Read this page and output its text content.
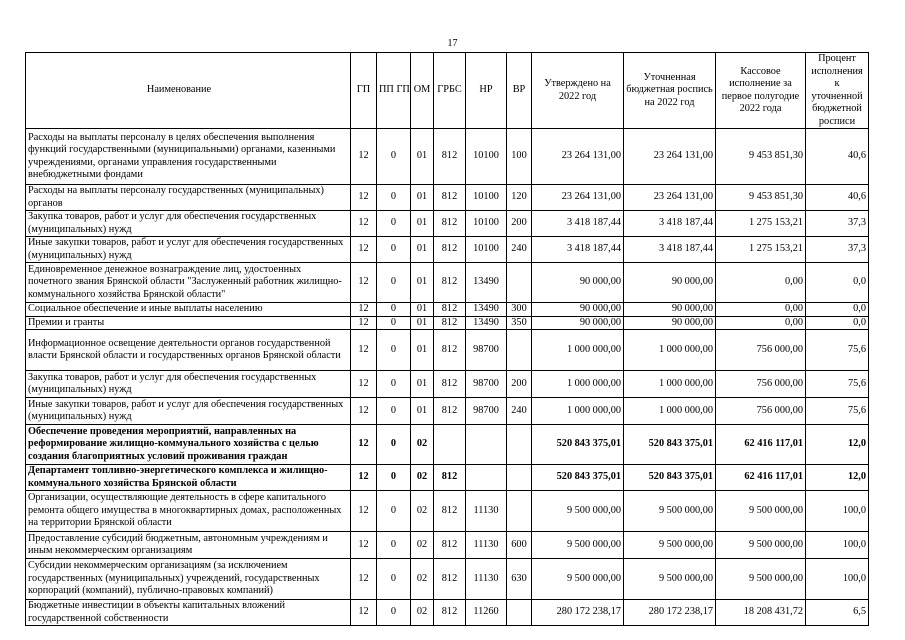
17
Наименование	ГП	ПП ГП	ОМ	ГРБС	НР	ВР	Утверждено на 2022 год	Уточненная бюджетная роспись на 2022 год	Кассовое исполнение за первое полугодие 2022 года	Процент исполнения к уточненной бюджетной росписи
Расходы на выплаты персоналу в целях обеспечения выполнения функций государственными (муниципальными) органами, казенными учреждениями, органами управления государственными внебюджетными фондами	12	0	01	812	10100	100	23 264 131,00	23 264 131,00	9 453 851,30	40,6
Расходы на выплаты персоналу государственных (муниципальных) органов	12	0	01	812	10100	120	23 264 131,00	23 264 131,00	9 453 851,30	40,6
Закупка товаров, работ и услуг для обеспечения государственных (муниципальных) нужд	12	0	01	812	10100	200	3 418 187,44	3 418 187,44	1 275 153,21	37,3
Иные закупки товаров, работ и услуг для обеспечения государственных (муниципальных) нужд	12	0	01	812	10100	240	3 418 187,44	3 418 187,44	1 275 153,21	37,3
Единовременное денежное вознаграждение лиц, удостоенных почетного звания Брянской области "Заслуженный работник жилищно-коммунального хозяйства Брянской области"	12	0	01	812	13490		90 000,00	90 000,00	0,00	0,0
Социальное обеспечение и иные выплаты населению	12	0	01	812	13490	300	90 000,00	90 000,00	0,00	0,0
Премии и гранты	12	0	01	812	13490	350	90 000,00	90 000,00	0,00	0,0
Информационное освещение деятельности органов государственной власти Брянской области и государственных органов Брянской области	12	0	01	812	98700		1 000 000,00	1 000 000,00	756 000,00	75,6
Закупка товаров, работ и услуг для обеспечения государственных (муниципальных) нужд	12	0	01	812	98700	200	1 000 000,00	1 000 000,00	756 000,00	75,6
Иные закупки товаров, работ и услуг для обеспечения государственных (муниципальных) нужд	12	0	01	812	98700	240	1 000 000,00	1 000 000,00	756 000,00	75,6
Обеспечение проведения мероприятий, направленных на реформирование жилищно-коммунального хозяйства с целью создания благоприятных условий проживания граждан	12	0	02				520 843 375,01	520 843 375,01	62 416 117,01	12,0
Департамент топливно-энергетического комплекса и жилищно-коммунального хозяйства Брянской области	12	0	02	812			520 843 375,01	520 843 375,01	62 416 117,01	12,0
Организации, осуществляющие деятельность в сфере капитального ремонта общего имущества в многоквартирных домах, расположенных на территории Брянской области	12	0	02	812	11130		9 500 000,00	9 500 000,00	9 500 000,00	100,0
Предоставление субсидий бюджетным, автономным учреждениям и иным некоммерческим организациям	12	0	02	812	11130	600	9 500 000,00	9 500 000,00	9 500 000,00	100,0
Субсидии некоммерческим организациям (за исключением государственных (муниципальных) учреждений, государственных корпораций (компаний), публично-правовых компаний)	12	0	02	812	11130	630	9 500 000,00	9 500 000,00	9 500 000,00	100,0
Бюджетные инвестиции в объекты капитальных вложений государственной собственности	12	0	02	812	11260		280 172 238,17	280 172 238,17	18 208 431,72	6,5
